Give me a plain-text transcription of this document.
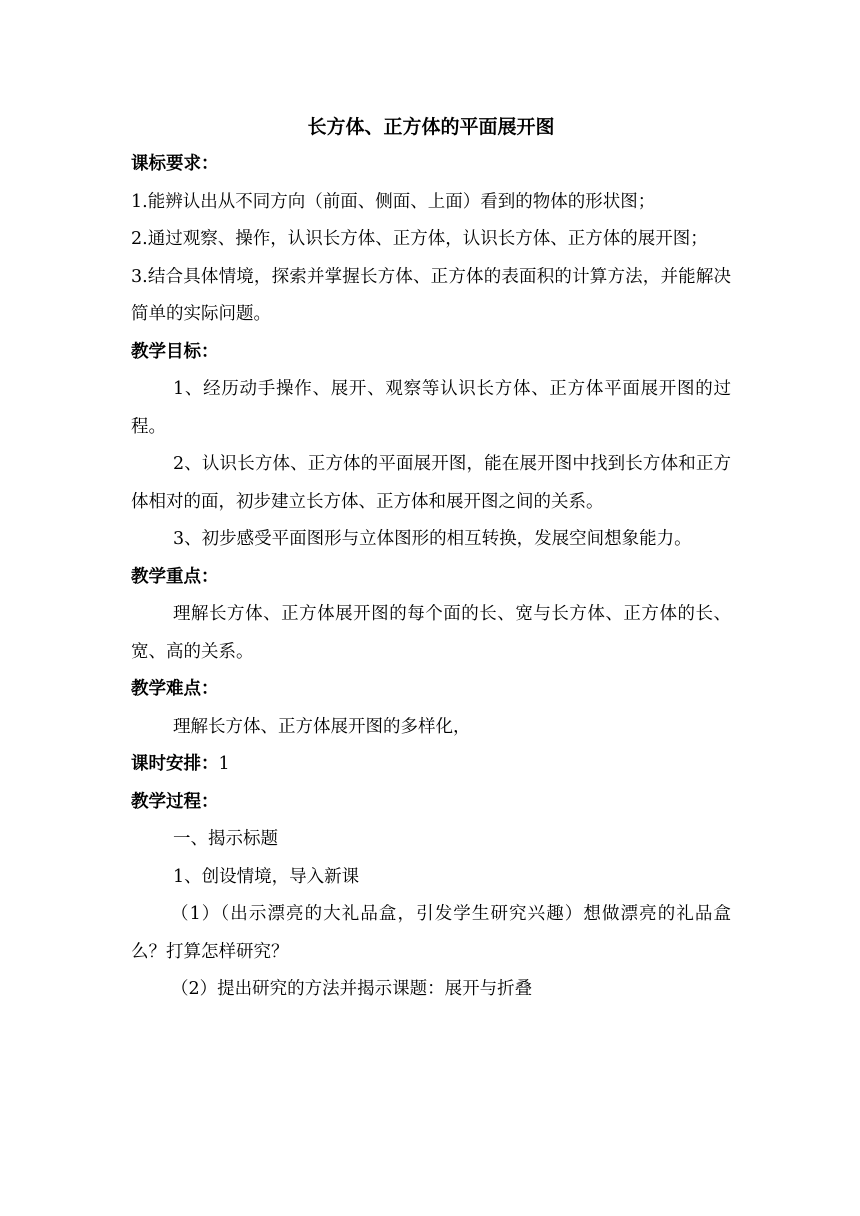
长方体、正方体的平面展开图

课标要求：

1.能辨认出从不同方向（前面、侧面、上面）看到的物体的形状图；

2.通过观察、操作，认识长方体、正方体，认识长方体、正方体的展开图；

3.结合具体情境，探索并掌握长方体、正方体的表面积的计算方法，并能解决简单的实际问题。

教学目标：

1、经历动手操作、展开、观察等认识长方体、正方体平面展开图的过程。

2、认识长方体、正方体的平面展开图，能在展开图中找到长方体和正方体相对的面，初步建立长方体、正方体和展开图之间的关系。

3、初步感受平面图形与立体图形的相互转换，发展空间想象能力。

教学重点：

理解长方体、正方体展开图的每个面的长、宽与长方体、正方体的长、宽、高的关系。

教学难点：

理解长方体、正方体展开图的多样化，

课时安排：1

教学过程：

一、揭示标题

1、创设情境，导入新课

（1）（出示漂亮的大礼品盒，引发学生研究兴趣）想做漂亮的礼品盒么？打算怎样研究？

（2）提出研究的方法并揭示课题：展开与折叠
